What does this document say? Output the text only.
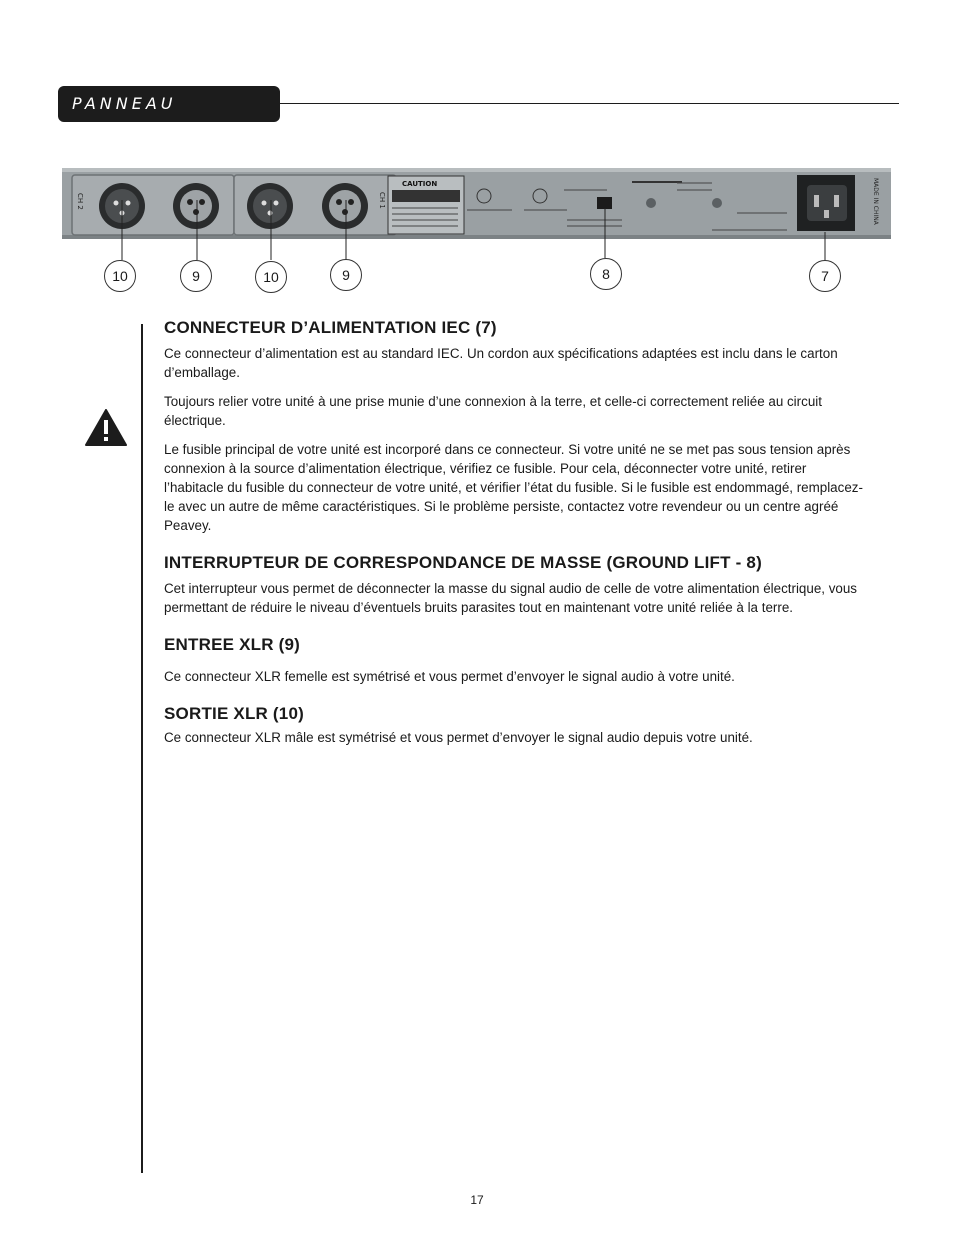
PANNEAU ARRIERE
CH 2	CH 1
CAUTION	MADE IN CHINA
10	9	10	9	8	7
CONNECTEUR D’ALIMENTATION IEC (7)

Ce connecteur d’alimentation est au standard IEC. Un cordon aux spécifications adaptées est inclu dans le carton d’emballage.

Toujours relier votre unité à une prise munie d’une connexion à la terre, et celle-ci correctement reliée au circuit électrique.

Le fusible principal de votre unité est incorporé dans ce connecteur. Si votre unité ne se met pas sous tension après connexion à la source d’alimentation électrique, vérifiez ce fusible. Pour cela, déconnecter votre unité, retirer l’habitacle du fusible du connecteur de votre unité, et vérifier l’état du fusible. Si le fusible est endommagé, remplacez-le avec un autre de même caractéristiques. Si le problème persiste, contactez votre revendeur ou un centre agréé Peavey.

INTERRUPTEUR DE CORRESPONDANCE DE MASSE (GROUND LIFT - 8)

Cet interrupteur vous permet de déconnecter la masse du signal audio de celle de votre alimentation électrique, vous permettant de réduire le niveau d’éventuels bruits parasites tout en maintenant votre unité reliée à la terre.

ENTREE XLR (9)

Ce connecteur XLR femelle est symétrisé et vous permet d’envoyer le signal audio à votre unité.

SORTIE XLR (10)

Ce connecteur XLR mâle est symétrisé et vous permet d’envoyer le signal audio depuis votre unité.

17
